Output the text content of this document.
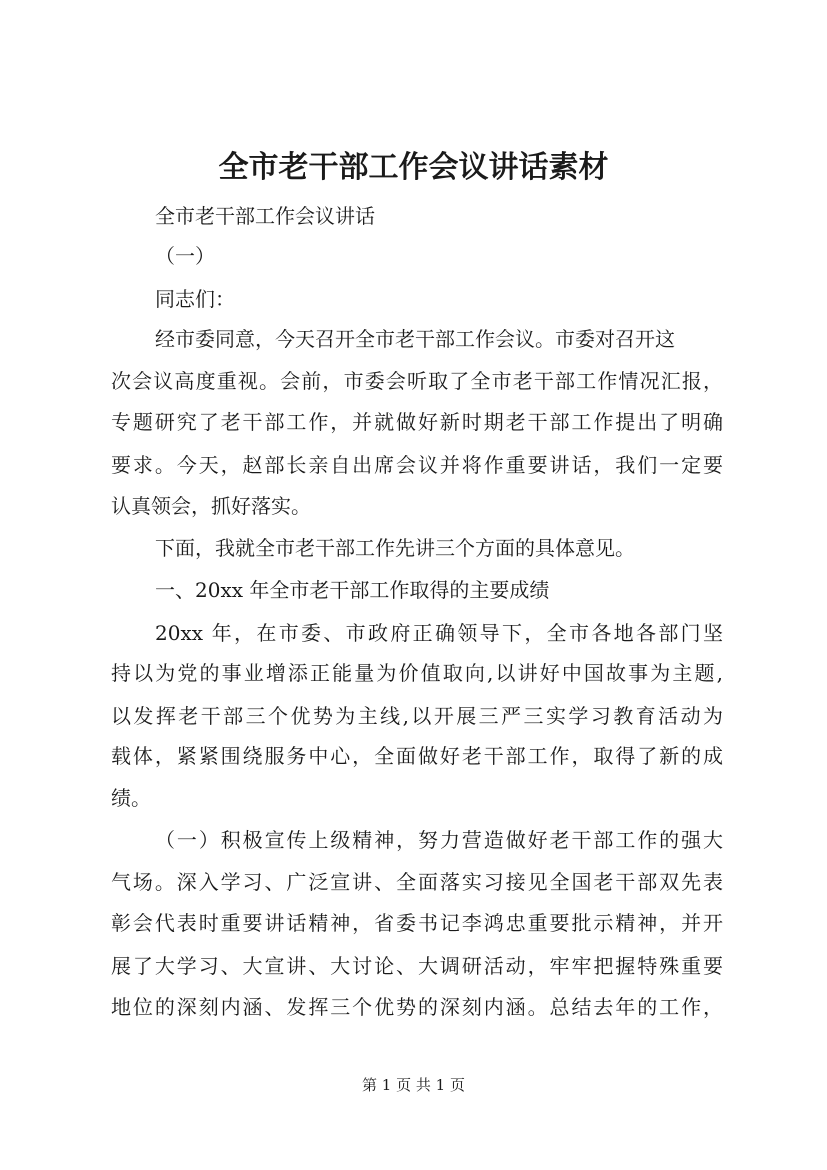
全市老干部工作会议讲话素材
全市老干部工作会议讲话
（一）
同志们：
经市委同意，今天召开全市老干部工作会议。市委对召开这
次会议高度重视。会前，市委会听取了全市老干部工作情况汇报，
专题研究了老干部工作，并就做好新时期老干部工作提出了明确
要求。今天，赵部长亲自出席会议并将作重要讲话，我们一定要
认真领会，抓好落实。
下面，我就全市老干部工作先讲三个方面的具体意见。
一、20xx 年全市老干部工作取得的主要成绩
20xx 年，在市委、市政府正确领导下，全市各地各部门坚
持以为党的事业增添正能量为价值取向,以讲好中国故事为主题,
以发挥老干部三个优势为主线,以开展三严三实学习教育活动为
载体，紧紧围绕服务中心，全面做好老干部工作，取得了新的成
绩。
（一）积极宣传上级精神，努力营造做好老干部工作的强大
气场。深入学习、广泛宣讲、全面落实习接见全国老干部双先表
彰会代表时重要讲话精神，省委书记李鸿忠重要批示精神，并开
展了大学习、大宣讲、大讨论、大调研活动，牢牢把握特殊重要
地位的深刻内涵、发挥三个优势的深刻内涵。总结去年的工作，
第 1 页 共 1 页
